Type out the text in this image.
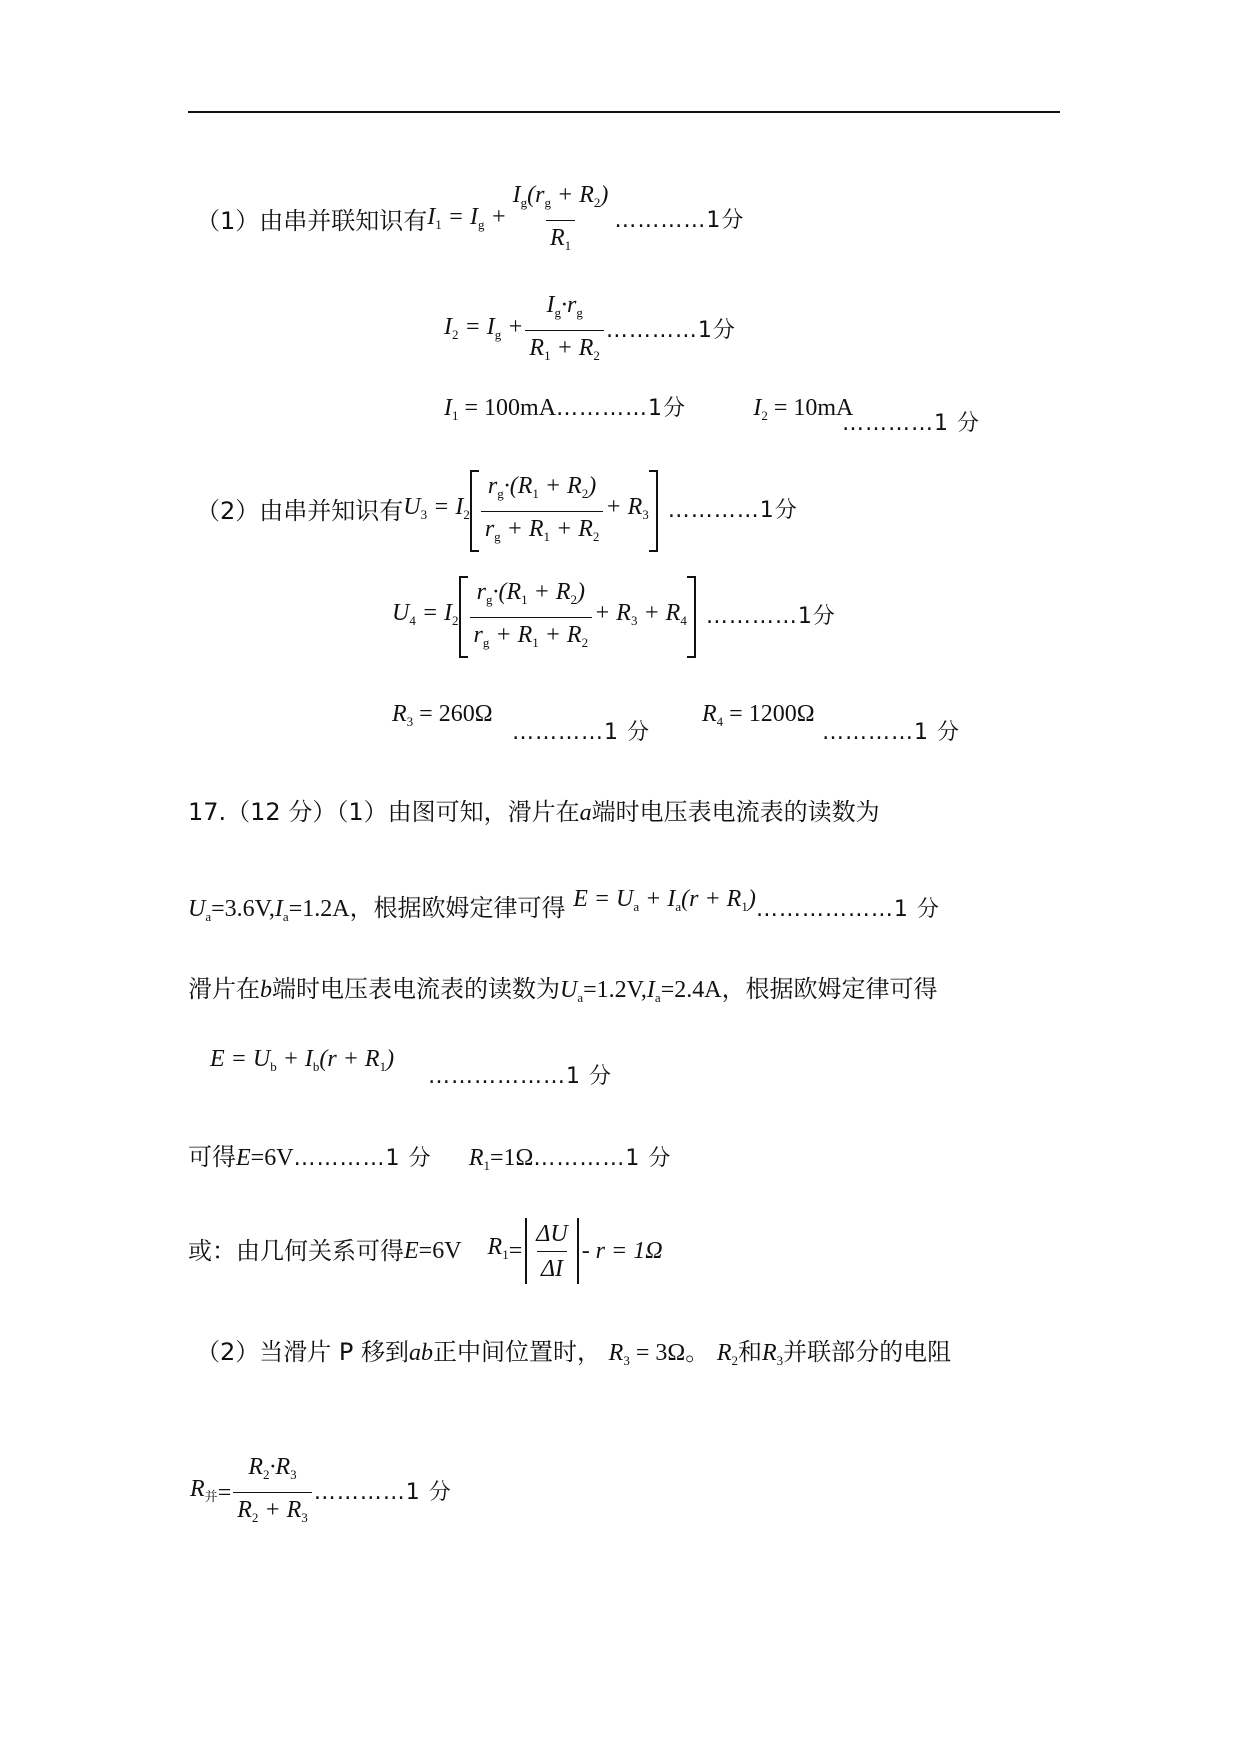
（1）由串并联知识有 $I_1 = I_g + \frac{I_g(r_g + R_2)}{R_1}$ …………1分
$I_2 = I_g + \frac{I_g\cdot r_g}{R_1 + R_2}$ …………1分
$I_1$ = 100mA…………1分	$I_2 = 10mA$
…………1 分
（2）由串并知识有 $U_3 = I_2 \frac{r_g\cdot(R_1 + R_2)}{r_g + R_1 + R_2} + R_3$ …………1分
$U_4 = I_2 \frac{r_g\cdot(R_1 + R_2)}{r_g + R_1 + R_2} + R_3 + R_4$ …………1分
$R_3 = 260\Omega$
…………1 分
$R_4 = 1200\Omega$
…………1 分
17.（12 分）（1）由图可知，滑片在a端时电压表电流表的读数为
$U_a=3.6V,I_a=1.2A$，根据欧姆定律可得 $E = U_a + I_a(r$ + $R_1)\dots\dots\dots\dots\dots\dots 1$ 分
滑片在b端时电压表电流表的读数为$U_a=1.2V,I_a=2.4A$，根据欧姆定律可得
$E = U_b + I_b(r + R_1)$
………………1 分
可得E=6V…………1 分 $R_1=1\Omega\dots\dots\dots\dots 1$ 分
或：由几何关系可得 E =6V $R_1 = \frac{\Delta U}{\Delta I} - r = 1\Omega$
（2）当滑片 P 移到ab正中间位置时， $R_3 = 3\Omega$。 $R_2$和$R_3$并联部分的电阻
$R_并 = \frac{R_2\cdot R_3}{R_2 + R_3}$ …………1 分
